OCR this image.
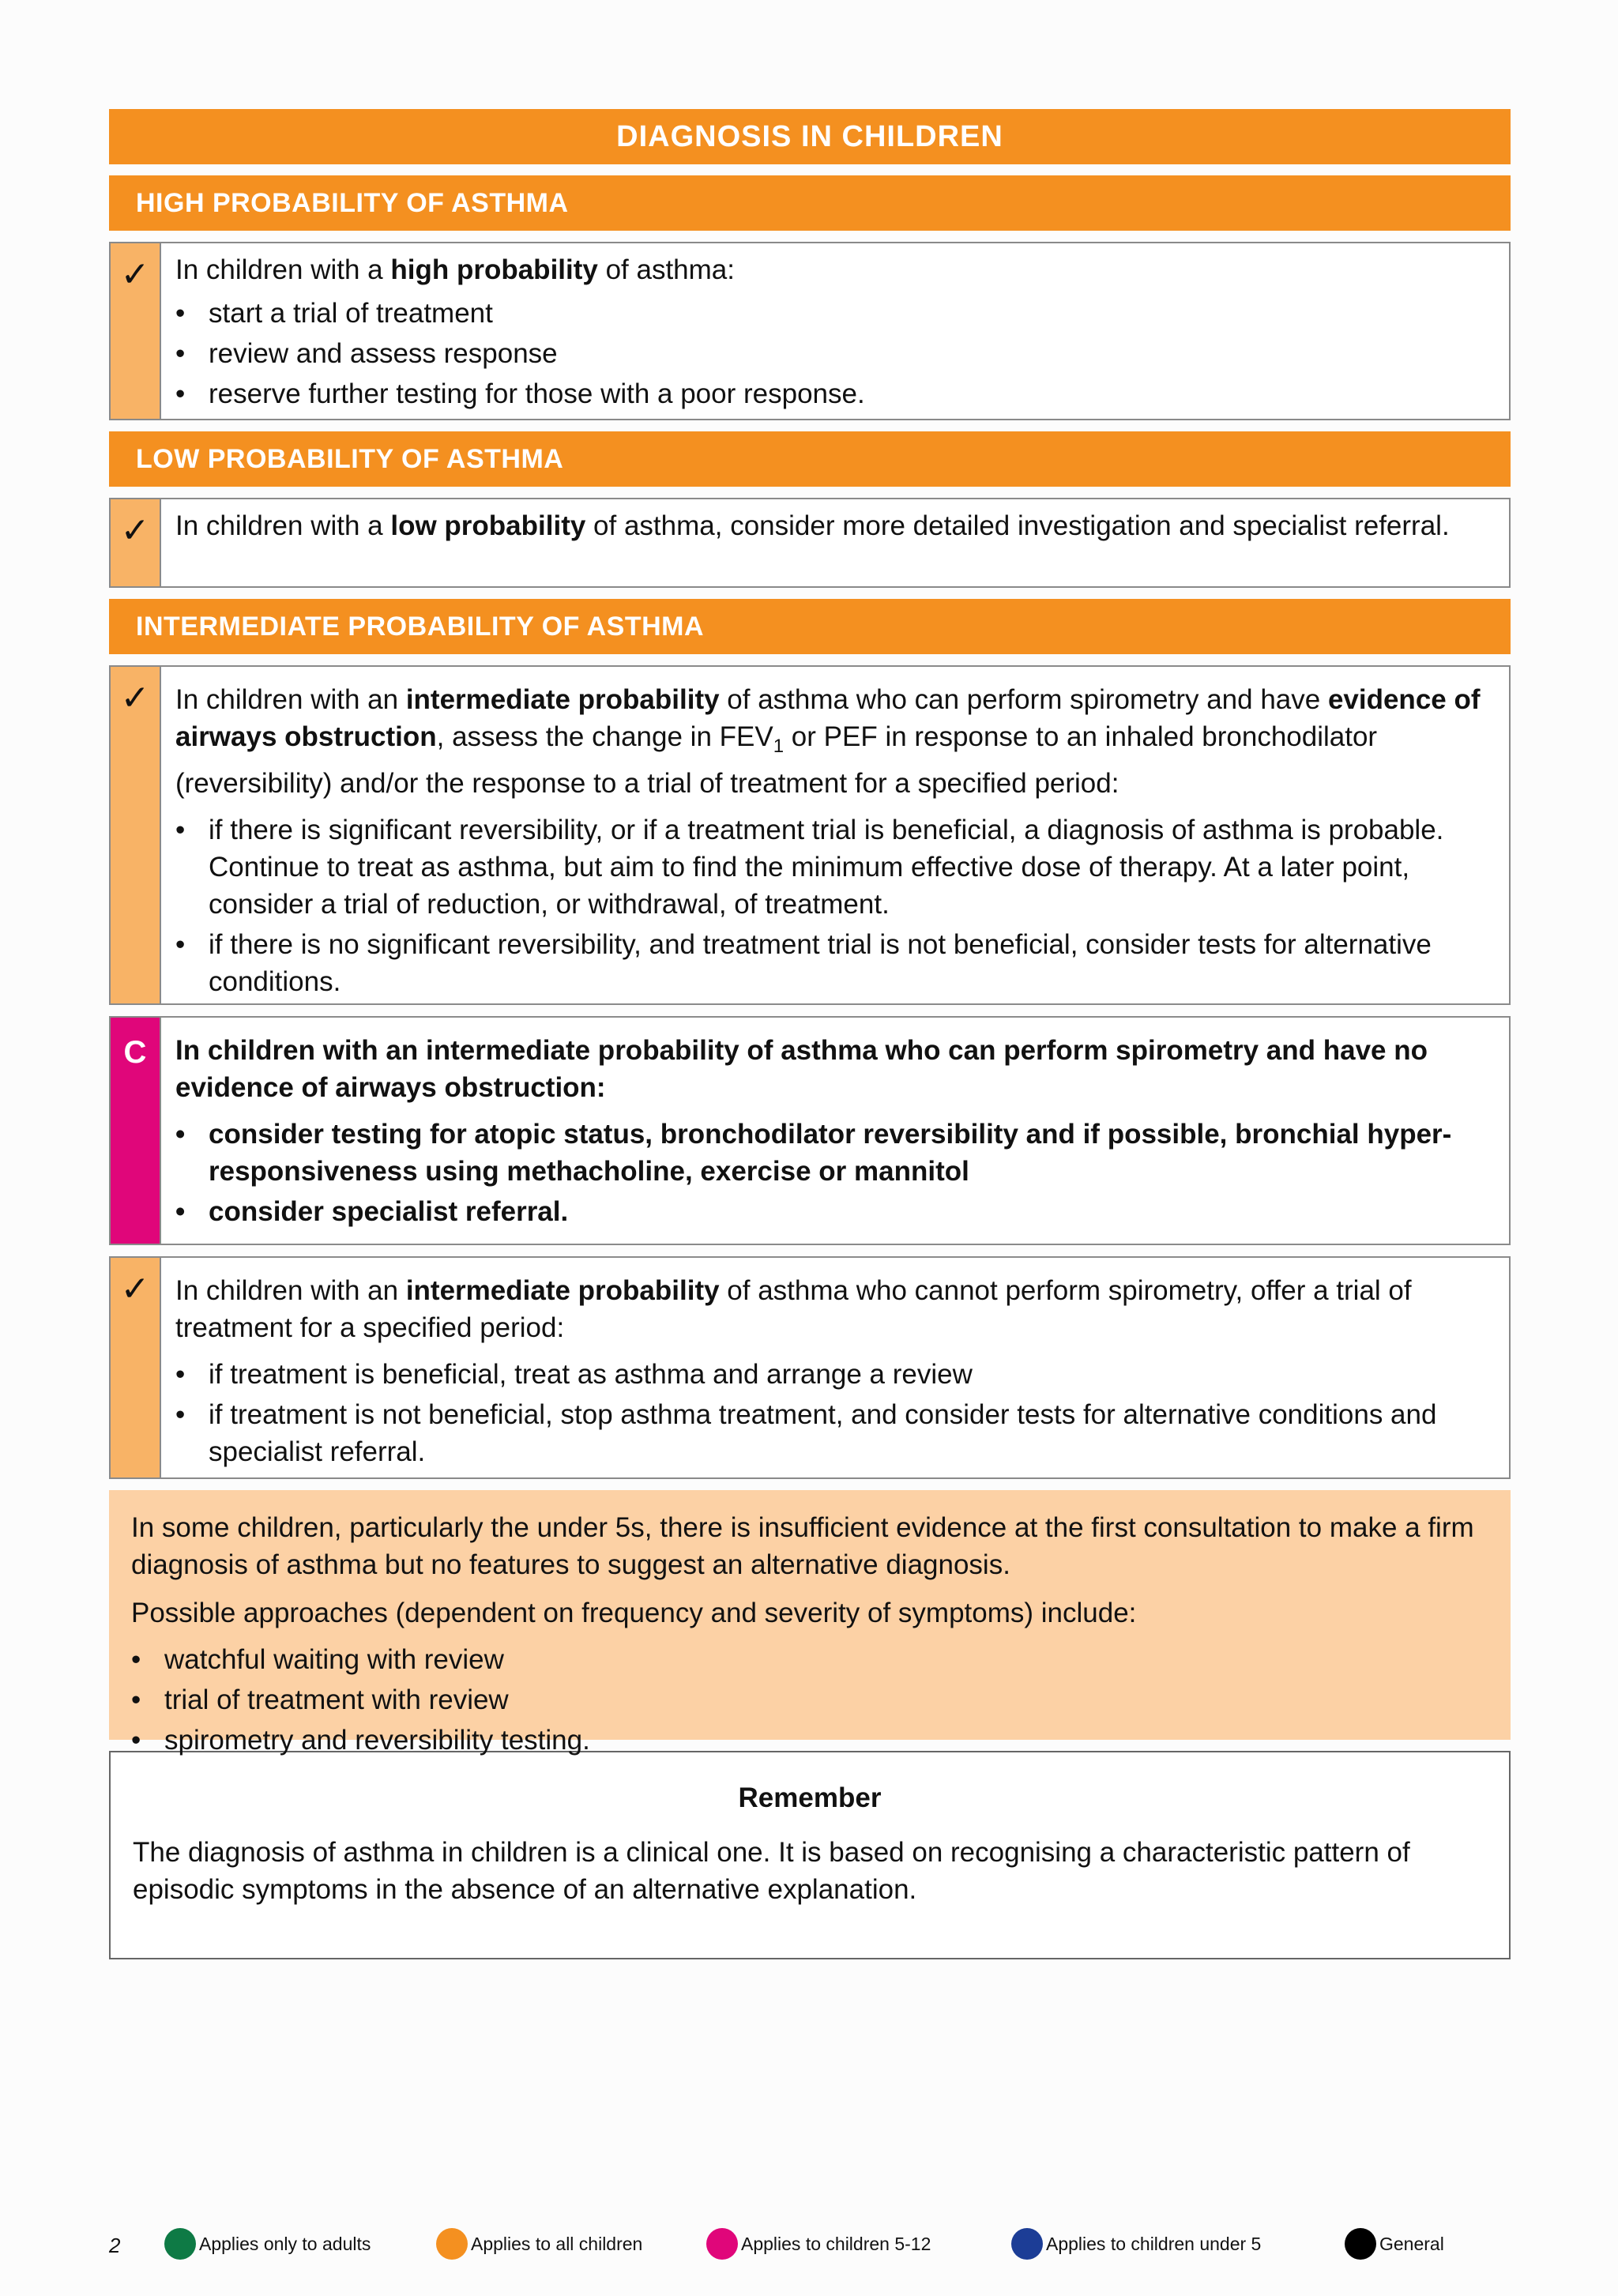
DIAGNOSIS IN CHILDREN
HIGH PROBABILITY OF ASTHMA
✓ In children with a high probability of asthma:

• start a trial of treatment
• review and assess response
• reserve further testing for those with a poor response.
LOW PROBABILITY OF ASTHMA
✓ In children with a low probability of asthma, consider more detailed investigation and specialist referral.

INTERMEDIATE PROBABILITY OF ASTHMA
✓ In children with an intermediate probability of asthma who can perform spirometry and have evidence of airways obstruction, assess the change in $FEV_1$ or PEF in response to an inhaled bronchodilator (reversibility) and/or the response to a trial of treatment for a specified period:

• if there is significant reversibility, or if a treatment trial is beneficial, a diagnosis of asthma is probable. Continue to treat as asthma, but aim to find the minimum effective dose of therapy. At a later point, consider a trial of reduction, or withdrawal, of treatment.
• if there is no significant reversibility, and treatment trial is not beneficial, consider tests for alternative conditions.
C	In children with an intermediate probability of asthma who can perform spirometry and have no evidence of airways obstruction:

• consider testing for atopic status, bronchodilator reversibility and if possible, bronchial hyper-responsiveness using methacholine, exercise or mannitol
• consider specialist referral.
✓ In children with an intermediate probability of asthma who cannot perform spirometry, offer a trial of treatment for a specified period:

• if treatment is beneficial, treat as asthma and arrange a review
• if treatment is not beneficial, stop asthma treatment, and consider tests for alternative conditions and specialist referral.

In some children, particularly the under 5s, there is insufficient evidence at the first consultation to make a firm diagnosis of asthma but no features to suggest an alternative diagnosis.

Possible approaches (dependent on frequency and severity of symptoms) include:

• watchful waiting with review
• trial of treatment with review
• spirometry and reversibility testing.
Remember

The diagnosis of asthma in children is a clinical one. It is based on recognising a characteristic pattern of episodic symptoms in the absence of an alternative explanation.

2	Applies only to adults	Applies to all children	Applies to children 5-12	Applies to children under 5	General
